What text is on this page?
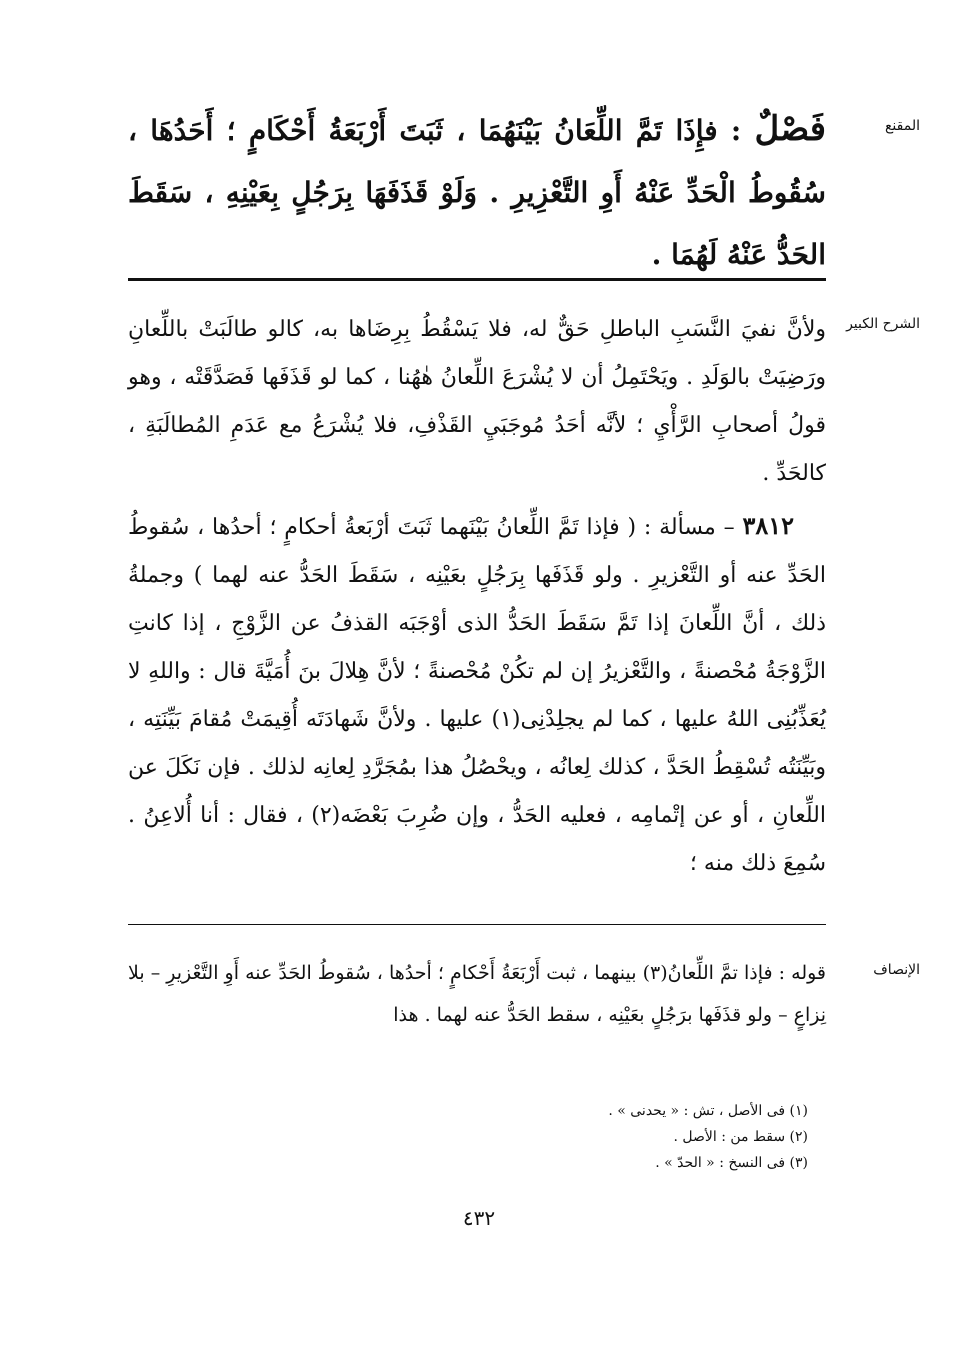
المقنع

فَصْلٌ : فإِذَا تَمَّ اللِّعَانُ بَيْنَهُمَا ، ثَبَتَ أَرْبَعَةُ أَحْكَامٍ ؛ أَحَدُهَا ، سُقُوطُ الْحَدِّ عَنْهُ أَوِ التَّعْزِيرِ . وَلَوْ قَذَفَهَا بِرَجُلٍ بِعَيْنِهِ ، سَقَطَ الحَدُّ عَنْهُ لَهُمَا .

الشرح الكبير

ولأنَّ نفيَ النَّسَبِ الباطلِ حَقٌّ له، فلا يَسْقُطُ بِرِضَاها به، كالو طالَبَتْ باللِّعانِ ورَضِيَتْ بالوَلَدِ . ويَحْتَمِلُ أن لا يُشْرَعَ اللِّعانُ هٰهُنا ، كما لو قَذَفَها فَصَدَّقَتْه ، وهو قولُ أصحابِ الرَّأْيِ ؛ لأنَّه أحَدُ مُوجَبَيِ القَذْفِ، فلا يُشْرَعُ مع عَدَمِ المُطالَبَةِ ، كالحَدِّ .

٣٨١٢ – مسألة : ( فإذا تَمَّ اللِّعانُ بَيْنَهما ثَبَتَ أرْبَعةُ أحكامٍ ؛ أحدُها ، سُقوطُ الحَدِّ عنه أو التَّعْزيرِ . ولو قَذَفَها بِرَجُلٍ بعَيْنِه ، سَقَطَ الحَدُّ عنه لهما ) وجملةُ ذلك ، أنَّ اللِّعانَ إذا تَمَّ سَقَطَ الحَدُّ الذى أوْجَبَه القذفُ عن الزَّوْجِ ، إذا كانتِ الزَّوْجَةُ مُحْصنةً ، والتَّعْزيرُ إن لم تكُنْ مُحْصنةً ؛ لأنَّ هِلالَ بنَ أُمَيَّةَ قال : واللهِ لا يُعَذِّبُنِى اللهُ عليها ، كما لم يجلِدْنِى(١) عليها . ولأنَّ شَهادَتَه أُقِيمَتْ مُقامَ بَيِّنَتِه ، وبَيِّنَتُه تُسْقِطُ الحَدَّ ، كذلك لِعانُه ، ويحْصُلُ هذا بمُجَرَّدِ لِعانِه لذلك . فإن نَكَلَ عن اللِّعانِ ، أو عن إتْمامِه ، فعليه الحَدُّ ، وإن ضُرِبَ بَعْضَه(٢) ، فقال : أنا أُلاعِنُ . سُمِعَ ذلك منه ؛

الإنصاف

قوله : فإذا تمَّ اللِّعانُ(٣) بينهما ، ثبت أَرْبَعَةُ أَحْكامٍ ؛ أحدُها ، سُقوطُ الحَدِّ عنه أَوِ التَّعْزيرِ – بلا نِزاعٍ – ولو قذَفَها برَجُلٍ بعَيْنِه ، سقط الحَدُّ عنه لهما . هذا

(١) فى الأصل ، تش : « يحدنى » .
(٢) سقط من : الأصل .
(٣) فى النسخ : « الحدّ » .
٤٣٢
